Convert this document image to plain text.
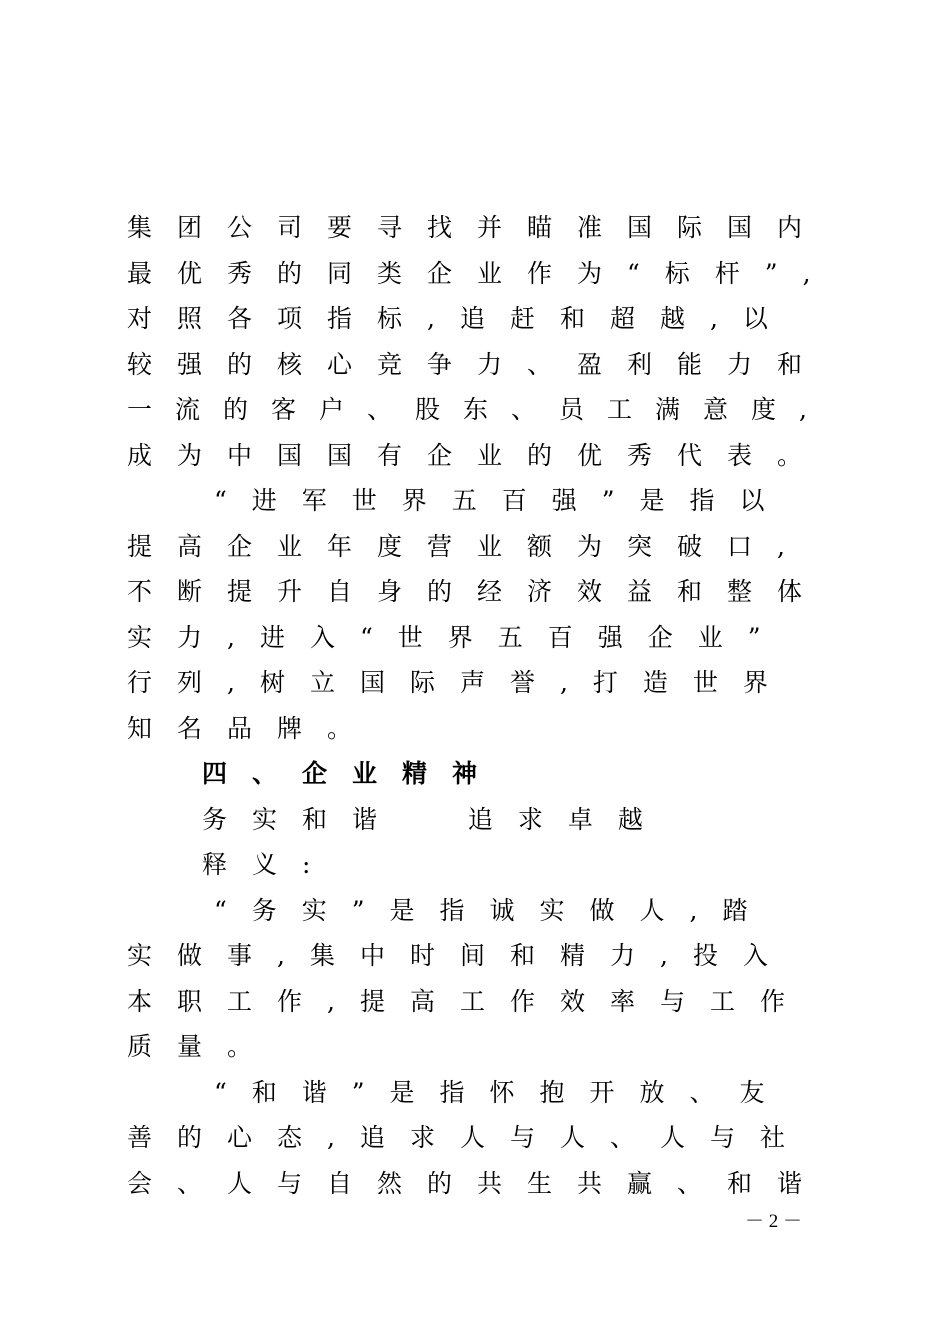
集团公司要寻找并瞄准国际国内
最优秀的同类企业作为“标杆”,
对照各项指标,追赶和超越,以
较强的核心竞争力、盈利能力和
一流的客户、股东、员工满意度,
成为中国国有企业的优秀代表。
“进军世界五百强”是指以
提高企业年度营业额为突破口,
不断提升自身的经济效益和整体
实力,进入“世界五百强企业”
行列,树立国际声誉,打造世界
知名品牌。
四、企业精神
务实和谐  追求卓越
释义:
“务实”是指诚实做人,踏
实做事,集中时间和精力,投入
本职工作,提高工作效率与工作
质量。
“和谐”是指怀抱开放、友
善的心态,追求人与人、人与社
会、人与自然的共生共赢、和谐
－ 2 －
